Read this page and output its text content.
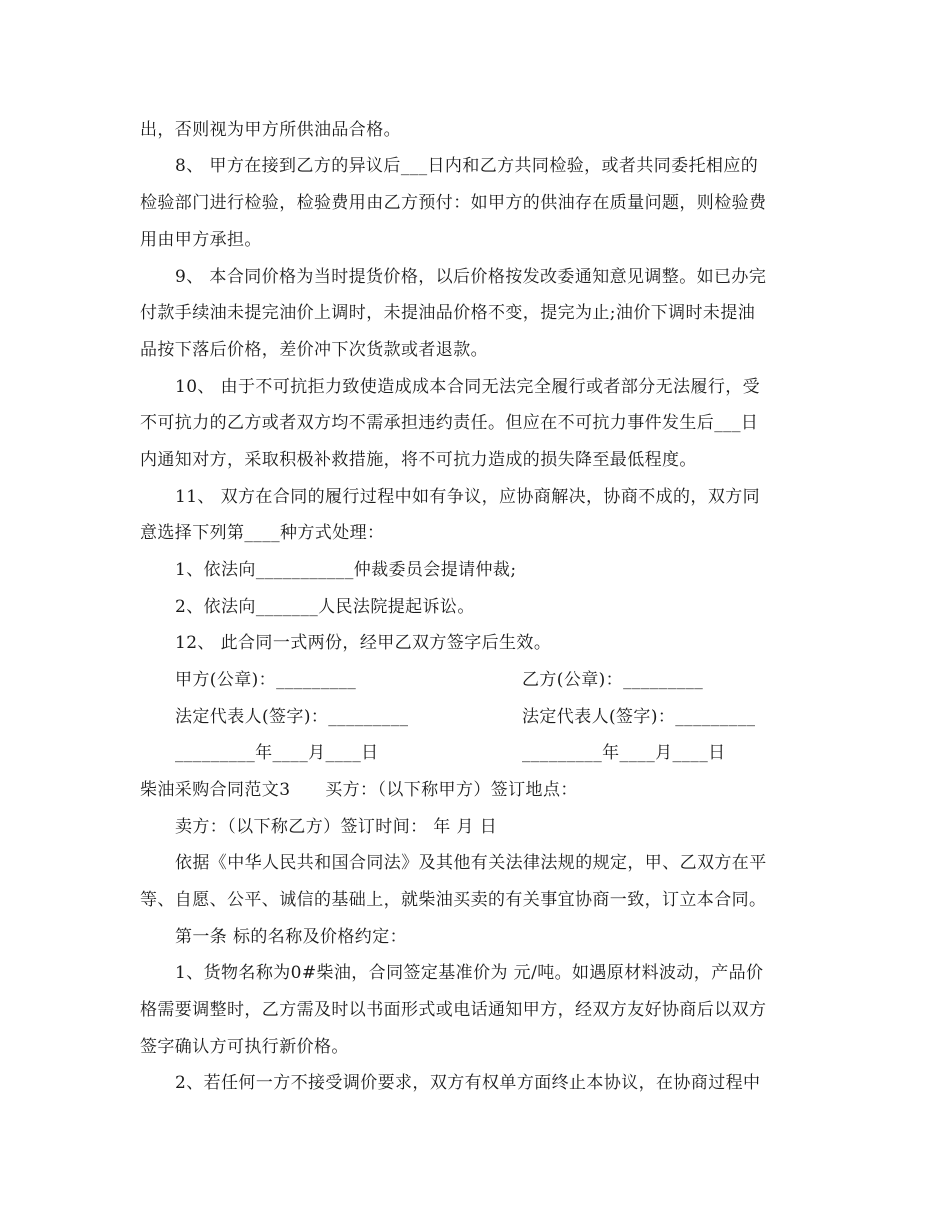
出，否则视为甲方所供油品合格。
8、 甲方在接到乙方的异议后___日内和乙方共同检验，或者共同委托相应的
检验部门进行检验，检验费用由乙方预付：如甲方的供油存在质量问题，则检验费
用由甲方承担。
9、 本合同价格为当时提货价格，以后价格按发改委通知意见调整。如已办完
付款手续油未提完油价上调时，未提油品价格不变，提完为止;油价下调时未提油
品按下落后价格，差价冲下次货款或者退款。
10、 由于不可抗拒力致使造成成本合同无法完全履行或者部分无法履行，受
不可抗力的乙方或者双方均不需承担违约责任。但应在不可抗力事件发生后___日
内通知对方，采取积极补救措施，将不可抗力造成的损失降至最低程度。
11、 双方在合同的履行过程中如有争议，应协商解决，协商不成的，双方同
意选择下列第____种方式处理：
1、依法向___________仲裁委员会提请仲裁;
2、依法向_______人民法院提起诉讼。
12、 此合同一式两份，经甲乙双方签字后生效。
甲方(公章)：_________	乙方(公章)：_________
法定代表人(签字)：_________	法定代表人(签字)：_________
_________年____月____日	_________年____月____日
柴油采购合同范文3      买方：（以下称甲方）签订地点：
卖方：（以下称乙方）签订时间： 年 月 日
依据《中华人民共和国合同法》及其他有关法律法规的规定，甲、乙双方在平
等、自愿、公平、诚信的基础上，就柴油买卖的有关事宜协商一致，订立本合同。
第一条 标的名称及价格约定：
1、货物名称为0#柴油，合同签定基准价为 元/吨。如遇原材料波动，产品价
格需要调整时，乙方需及时以书面形式或电话通知甲方，经双方友好协商后以双方
签字确认方可执行新价格。
2、若任何一方不接受调价要求，双方有权单方面终止本协议，在协商过程中
